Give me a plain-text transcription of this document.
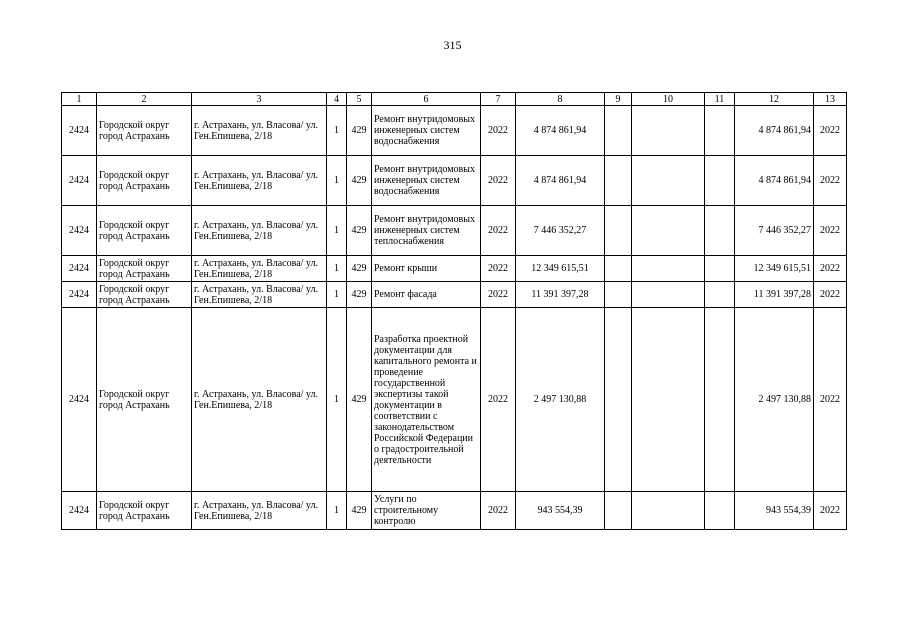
315
1	2	3	4	5	6	7	8	9	10	11	12	13
2424	Городской округ город Астрахань	г. Астрахань, ул. Власова/ ул. Ген.Епишева, 2/18	1	429	Ремонт внутридомовых инженерных систем водоснабжения	2022	4 874 861,94				4 874 861,94	2022
2424	Городской округ город Астрахань	г. Астрахань, ул. Власова/ ул. Ген.Епишева, 2/18	1	429	Ремонт внутридомовых инженерных систем водоснабжения	2022	4 874 861,94				4 874 861,94	2022
2424	Городской округ город Астрахань	г. Астрахань, ул. Власова/ ул. Ген.Епишева, 2/18	1	429	Ремонт внутридомовых инженерных систем теплоснабжения	2022	7 446 352,27				7 446 352,27	2022
2424	Городской округ город Астрахань	г. Астрахань, ул. Власова/ ул. Ген.Епишева, 2/18	1	429	Ремонт крыши	2022	12 349 615,51				12 349 615,51	2022
2424	Городской округ город Астрахань	г. Астрахань, ул. Власова/ ул. Ген.Епишева, 2/18	1	429	Ремонт фасада	2022	11 391 397,28				11 391 397,28	2022
2424	Городской округ город Астрахань	г. Астрахань, ул. Власова/ ул. Ген.Епишева, 2/18	1	429	Разработка проектной документации для капитального ремонта и проведение государственной экспертизы такой документации в соответствии с законодательством Российской Федерации о градостроительной деятельности	2022	2 497 130,88				2 497 130,88	2022
2424	Городской округ город Астрахань	г. Астрахань, ул. Власова/ ул. Ген.Епишева, 2/18	1	429	Услуги по строительному контролю	2022	943 554,39				943 554,39	2022
